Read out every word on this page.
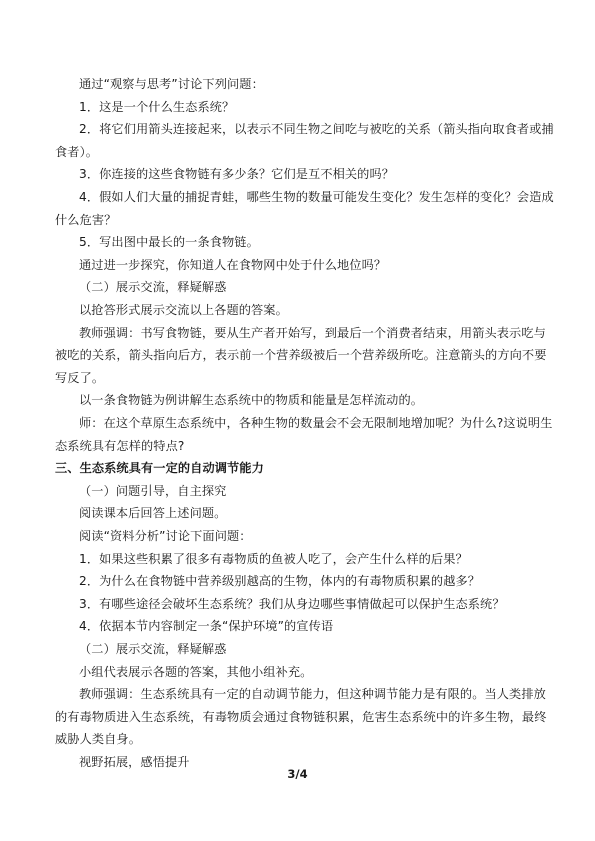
通过“观察与思考”讨论下列问题：
1．这是一个什么生态系统？
2．将它们用箭头连接起来，以表示不同生物之间吃与被吃的关系（箭头指向取食者或捕
食者）。
3．你连接的这些食物链有多少条？它们是互不相关的吗？
4．假如人们大量的捕捉青蛙，哪些生物的数量可能发生变化？发生怎样的变化？会造成
什么危害？
5．写出图中最长的一条食物链。
通过进一步探究，你知道人在食物网中处于什么地位吗？
（二）展示交流，释疑解惑
以抢答形式展示交流以上各题的答案。
教师强调：书写食物链，要从生产者开始写，到最后一个消费者结束，用箭头表示吃与
被吃的关系，箭头指向后方，表示前一个营养级被后一个营养级所吃。注意箭头的方向不要
写反了。
以一条食物链为例讲解生态系统中的物质和能量是怎样流动的。
师：在这个草原生态系统中，各种生物的数量会不会无限制地增加呢？为什么?这说明生
态系统具有怎样的特点?
三、生态系统具有一定的自动调节能力
（一）问题引导，自主探究
阅读课本后回答上述问题。
阅读“资料分析”讨论下面问题：
1．如果这些积累了很多有毒物质的鱼被人吃了，会产生什么样的后果？
2．为什么在食物链中营养级别越高的生物，体内的有毒物质积累的越多？
3．有哪些途径会破坏生态系统？我们从身边哪些事情做起可以保护生态系统？
4．依据本节内容制定一条“保护环境”的宣传语
（二）展示交流，释疑解惑
小组代表展示各题的答案，其他小组补充。
教师强调：生态系统具有一定的自动调节能力，但这种调节能力是有限的。当人类排放
的有毒物质进入生态系统，有毒物质会通过食物链积累，危害生态系统中的许多生物，最终
威胁人类自身。
视野拓展，感悟提升
3/4
